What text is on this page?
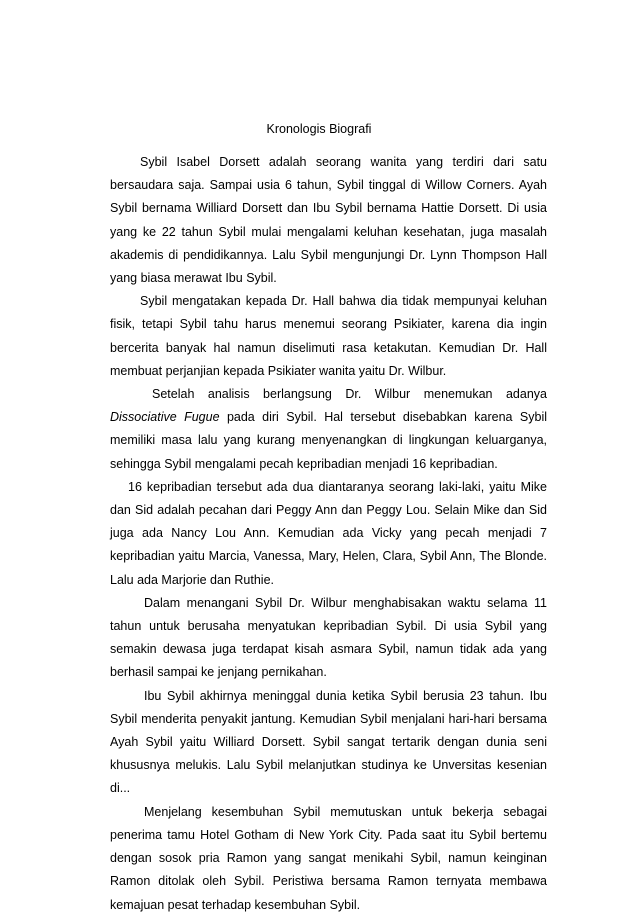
Kronologis Biografi

Sybil Isabel Dorsett adalah seorang wanita yang terdiri dari satu bersaudara saja. Sampai usia 6 tahun, Sybil tinggal di Willow Corners. Ayah Sybil bernama Williard Dorsett dan Ibu Sybil bernama Hattie Dorsett. Di usia yang ke 22 tahun Sybil mulai mengalami keluhan kesehatan, juga masalah akademis di pendidikannya. Lalu Sybil mengunjungi Dr. Lynn Thompson Hall yang biasa merawat Ibu Sybil.

Sybil mengatakan kepada Dr. Hall bahwa dia tidak mempunyai keluhan fisik, tetapi Sybil tahu harus menemui seorang Psikiater, karena dia ingin bercerita banyak hal namun diselimuti rasa ketakutan. Kemudian Dr. Hall membuat perjanjian kepada Psikiater wanita yaitu Dr. Wilbur.

Setelah analisis berlangsung Dr. Wilbur menemukan adanya Dissociative Fugue pada diri Sybil. Hal tersebut disebabkan karena Sybil memiliki masa lalu yang kurang menyenangkan di lingkungan keluarganya, sehingga Sybil mengalami pecah kepribadian menjadi 16 kepribadian.

16 kepribadian tersebut ada dua diantaranya seorang laki-laki, yaitu Mike dan Sid adalah pecahan dari Peggy Ann dan Peggy Lou. Selain Mike dan Sid juga ada Nancy Lou Ann. Kemudian ada Vicky yang pecah menjadi 7 kepribadian yaitu Marcia, Vanessa, Mary, Helen, Clara, Sybil Ann, The Blonde. Lalu ada Marjorie dan Ruthie.

Dalam menangani Sybil Dr. Wilbur menghabisakan waktu selama 11 tahun untuk berusaha menyatukan kepribadian Sybil. Di usia Sybil yang semakin dewasa juga terdapat kisah asmara Sybil, namun tidak ada yang berhasil sampai ke jenjang pernikahan.

Ibu Sybil akhirnya meninggal dunia ketika Sybil berusia 23 tahun. Ibu Sybil menderita penyakit jantung. Kemudian Sybil menjalani hari-hari bersama Ayah Sybil yaitu Williard Dorsett. Sybil sangat tertarik dengan dunia seni khususnya melukis. Lalu Sybil melanjutkan studinya ke Unversitas kesenian di...

Menjelang kesembuhan Sybil memutuskan untuk bekerja sebagai penerima tamu Hotel Gotham di New York City. Pada saat itu Sybil bertemu dengan sosok pria Ramon yang sangat menikahi Sybil, namun keinginan Ramon ditolak oleh Sybil. Peristiwa bersama Ramon ternyata membawa kemajuan pesat terhadap kesembuhan Sybil.
